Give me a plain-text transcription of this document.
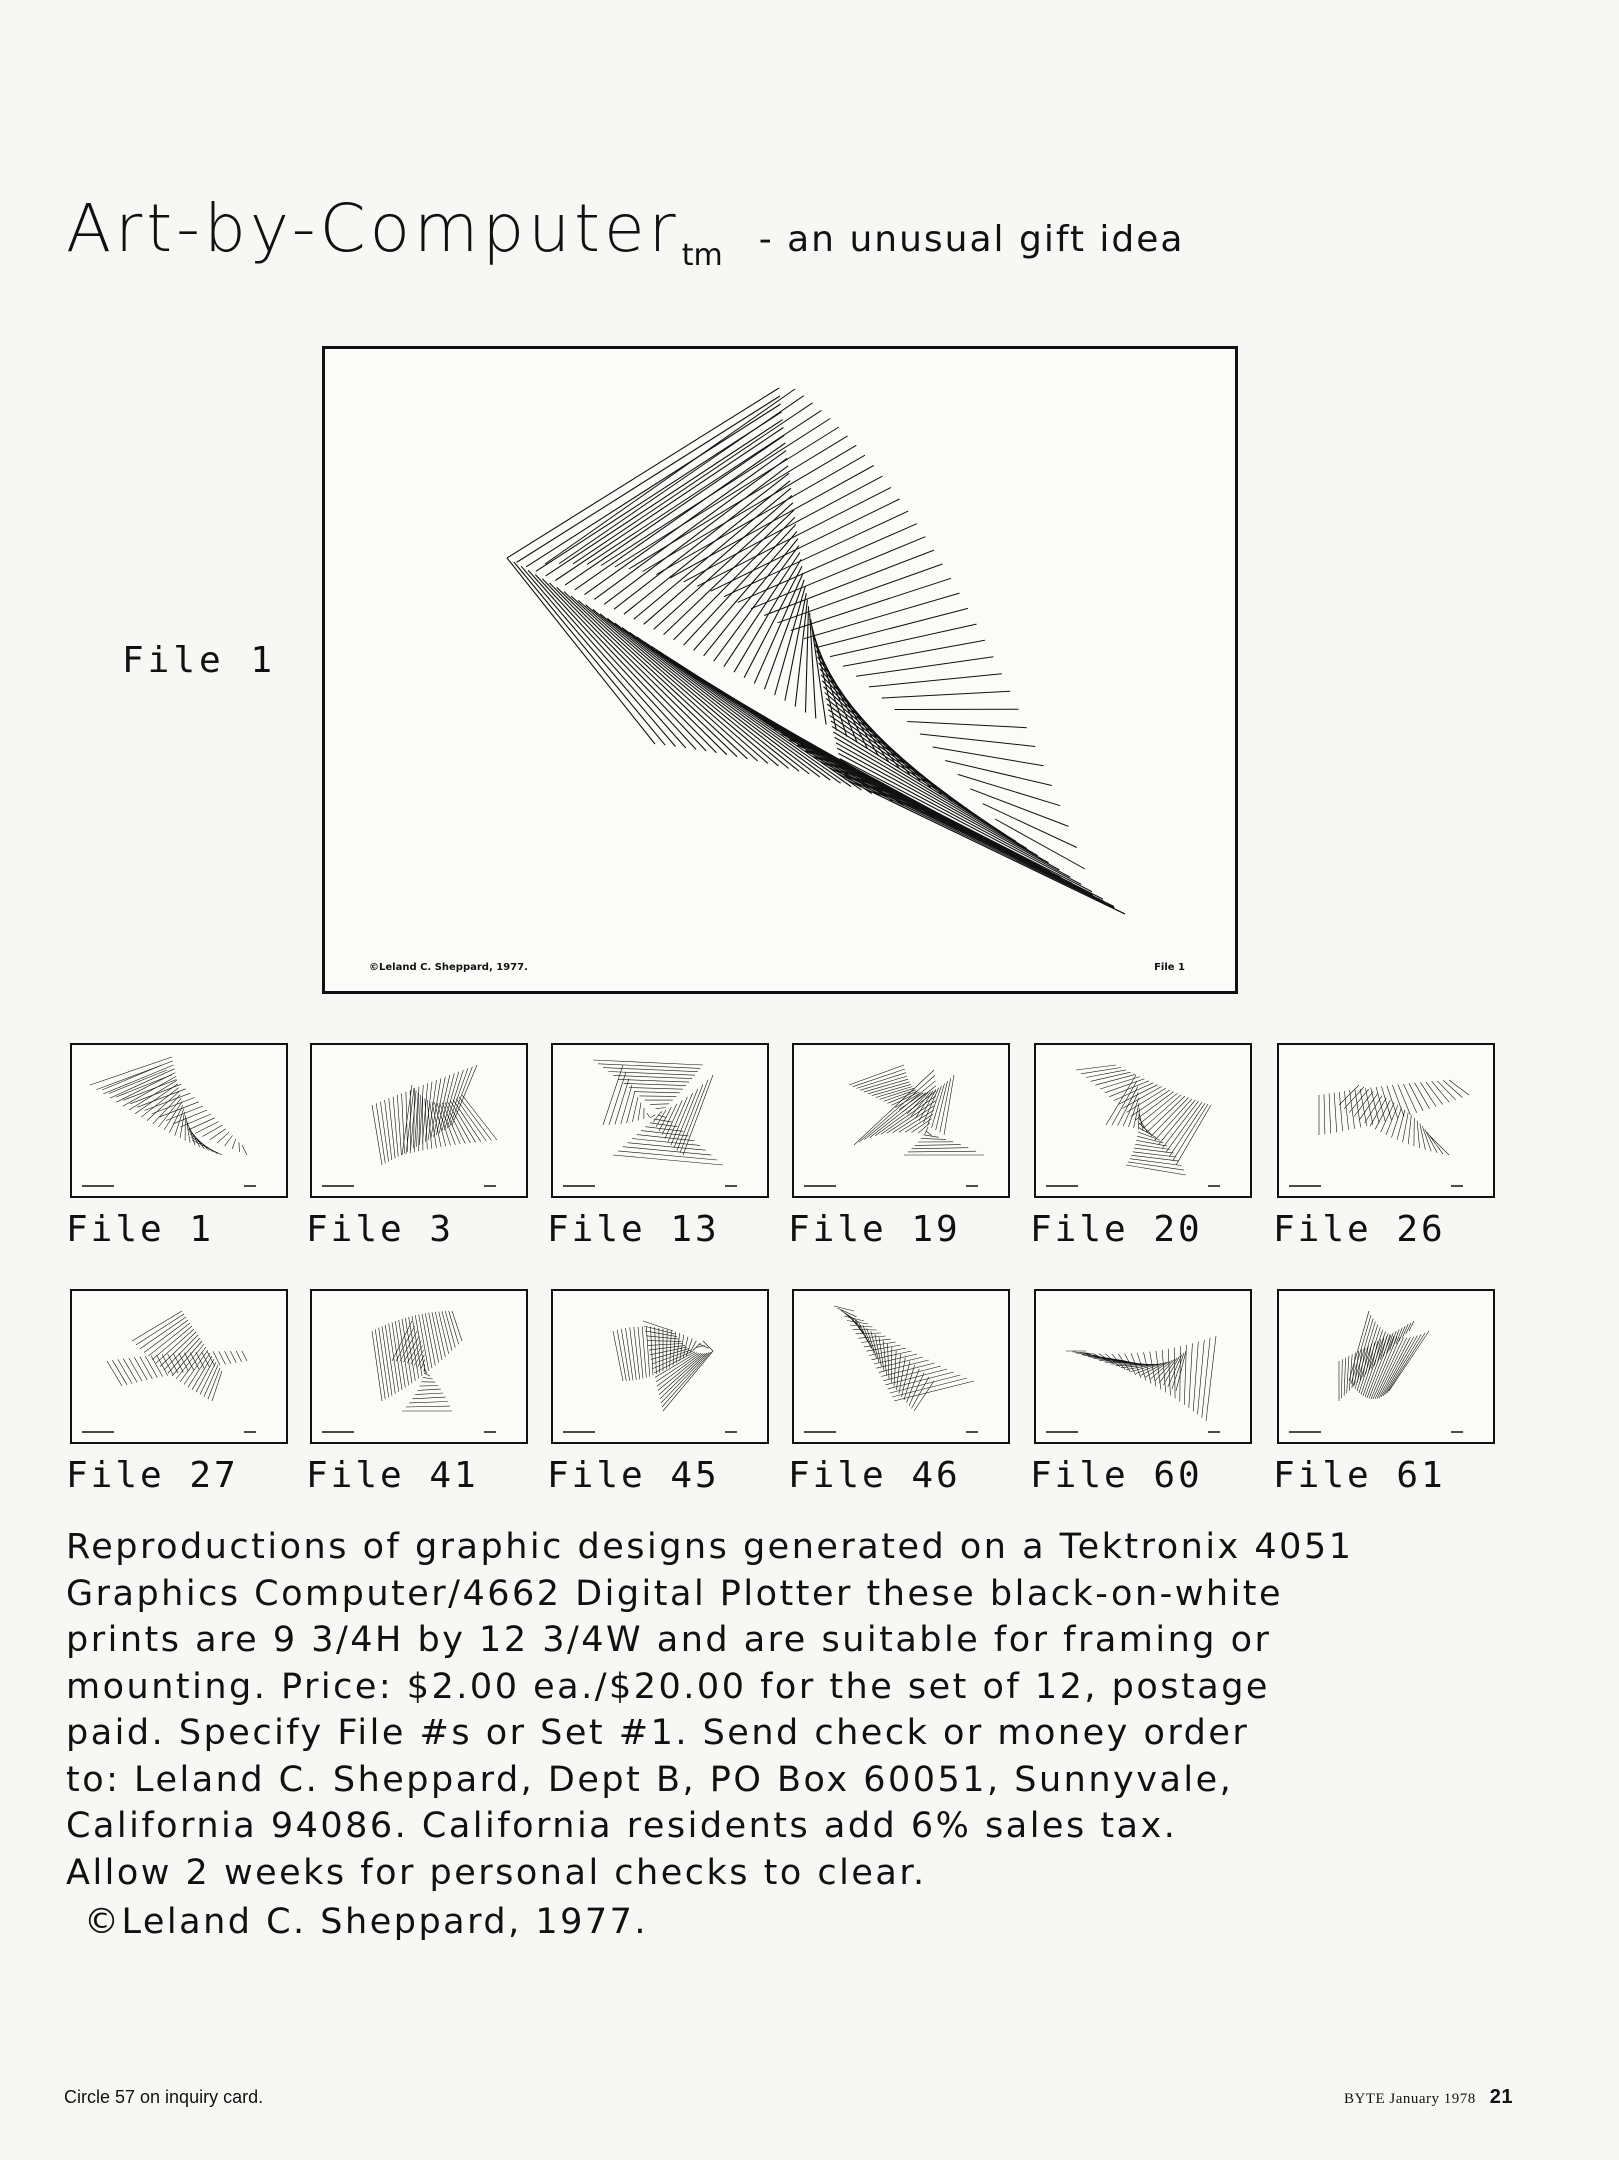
Art-by-Computertm - an unusual gift idea
File 1
©Leland C. Sheppard, 1977.	File 1
File 1	File 3	File 13 File 19 File 20 File 26
File 27 File 41 File 45 File 46 File 60 File 61

Reproductions of graphic designs generated on a Tektronix 4051

Graphics Computer/4662 Digital Plotter these black-on-white

prints are 9 3/4H by 12 3/4W and are suitable for framing or

mounting. Price: $2.00 ea./$20.00 for the set of 12, postage

paid. Specify File #s or Set #1. Send check or money order

to: Leland C. Sheppard, Dept B, PO Box 60051, Sunnyvale,

California 94086. California residents add 6% sales tax.

Allow 2 weeks for personal checks to clear.

©Leland C. Sheppard, 1977.
Circle 57 on inquiry card.	BYTE January 1978 21
